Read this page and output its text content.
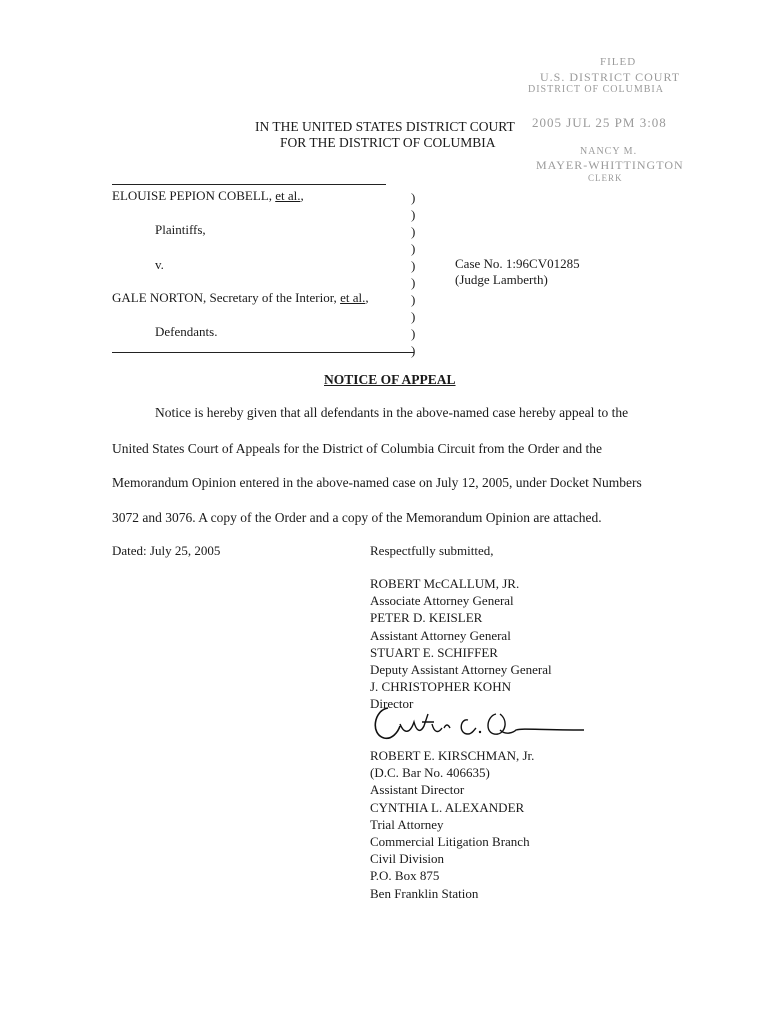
FILED
U.S. DISTRICT COURT
DISTRICT OF COLUMBIA
2005 JUL 25 PM 3:08
NANCY M.
MAYER-WHITTINGTON
CLERK
IN THE UNITED STATES DISTRICT COURT
FOR THE DISTRICT OF COLUMBIA
ELOUISE PEPION COBELL, et al.,
Plaintiffs,
v.
GALE NORTON, Secretary of the Interior, et al.,
Defendants.
)
)
)
)
)
)
)
)
)
)
Case No. 1:96CV01285
(Judge Lamberth)
NOTICE OF APPEAL
Notice is hereby given that all defendants in the above-named case hereby appeal to the
United States Court of Appeals for the District of Columbia Circuit from the Order and the
Memorandum Opinion entered in the above-named case on July 12, 2005, under Docket Numbers
3072 and 3076. A copy of the Order and a copy of the Memorandum Opinion are attached.
Dated: July 25, 2005	Respectfully submitted,
ROBERT McCALLUM, JR.
Associate Attorney General
PETER D. KEISLER
Assistant Attorney General
STUART E. SCHIFFER
Deputy Assistant Attorney General
J. CHRISTOPHER KOHN
Director
ROBERT E. KIRSCHMAN, Jr.
(D.C. Bar No. 406635)
Assistant Director
CYNTHIA L. ALEXANDER
Trial Attorney
Commercial Litigation Branch
Civil Division
P.O. Box 875
Ben Franklin Station
